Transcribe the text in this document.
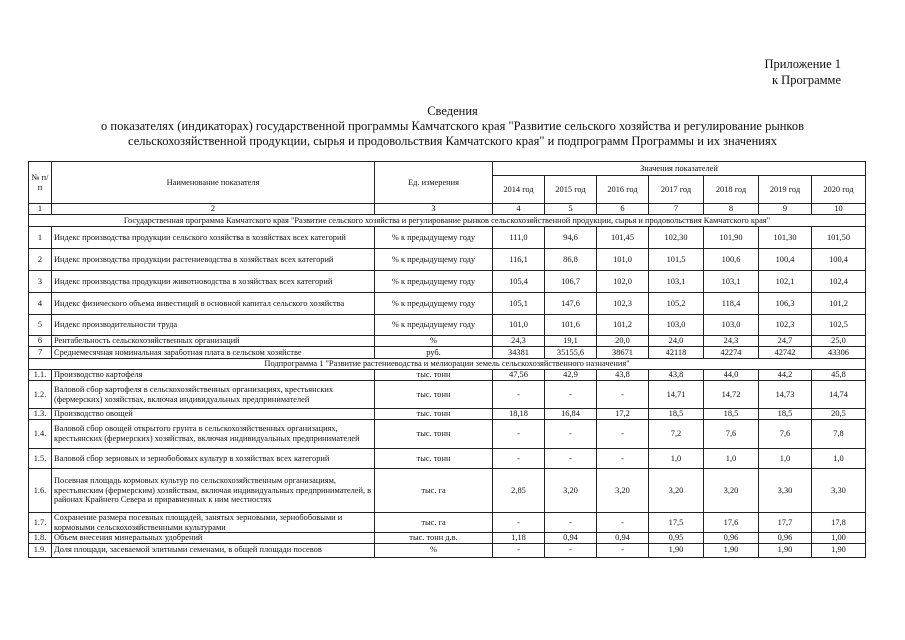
Приложение 1
к Программе
Сведения
о показателях (индикаторах) государственной программы Камчатского края "Развитие сельского хозяйства и регулирование рынков
сельскохозяйственной продукции, сырья и продовольствия Камчатского края" и подпрограмм Программы и их значениях
№ п/п	Наименование показателя	Ед. измерения	Значения показателей						
			2014 год	2015 год	2016 год	2017 год	2018 год	2019 год	2020 год
1	2	3	4	5	6	7	8	9	10
Государственная программа Камчатского края "Развитие сельского хозяйства и регулирование рынков сельскохозяйственной продукции, сырья и продовольствия Камчатского края"									
1	Индекс производства продукции сельского хозяйства в хозяйствах всех категорий	% к предыдущему году	111,0	94,6	101,45	102,30	101,90	101,30	101,50
2	Индекс производства продукции растениеводства в хозяйствах всех категорий	% к предыдущему году	116,1	86,8	101,0	101,5	100,6	100,4	100,4
3	Индекс производства продукции животноводства в хозяйствах всех категорий	% к предыдущему году	105,4	106,7	102,0	103,1	103,1	102,1	102,4
4	Индекс физического объема инвестиций в основной капитал сельского хозяйства	% к предыдущему году	105,1	147,6	102,3	105,2	118,4	106,3	101,2
5	Индекс производительности труда	% к предыдущему году	101,0	101,6	101,2	103,0	103,0	102,3	102,5
6	Рентабельность сельскохозяйственных организаций	%	24,3	19,1	20,0	24,0	24,3	24,7	25,0
7	Среднемесячная номинальная заработная плата в сельском хозяйстве	руб.	34381	35155,6	38671	42118	42274	42742	43306
Подпрограмма 1 "Развитие растениеводства и мелиорации земель сельскохозяйственного назначения"									
1.1.	Производство картофеля	тыс. тонн	47,56	42,9	43,8	43,8	44,0	44,2	45,8
1.2.	Валовой сбор картофеля в сельскохозяйственных организациях, крестьянских (фермерских) хозяйствах, включая индивидуальных предпринимателей	тыс. тонн	-	-	-	14,71	14,72	14,73	14,74
1.3.	Производство овощей	тыс. тонн	18,18	16,84	17,2	18,5	18,5	18,5	20,5
1.4.	Валовой сбор овощей открытого грунта в сельскохозяйственных организациях, крестьянских (фермерских) хозяйствах, включая индивидуальных предпринимателей	тыс. тонн	-	-	-	7,2	7,6	7,6	7,8
1.5.	Валовой сбор зерновых и зернобобовых культур в хозяйствах всех категорий	тыс. тонн	-	-	-	1,0	1,0	1,0	1,0
1.6.	Посевная площадь кормовых культур по сельскохозяйственным организациям, крестьянским (фермерским) хозяйствам, включая индивидуальных предпринимателей, в районах Крайнего Севера и приравненных к ним местностях	тыс. га	2,85	3,20	3,20	3,20	3,20	3,30	3,30
1.7.	Сохранение размера посевных площадей, занятых зерновыми, зернобобовыми и кормовыми сельскохозяйственными культурами	тыс. га	-	-	-	17,5	17,6	17,7	17,8
1.8.	Объем внесения минеральных удобрений	тыс. тонн д.в.	1,18	0,94	0,94	0,95	0,96	0,96	1,00
1.9.	Доля площади, засеваемой элитными семенами, в общей площади посевов	%	-	-	-	1,90	1,90	1,90	1,90
